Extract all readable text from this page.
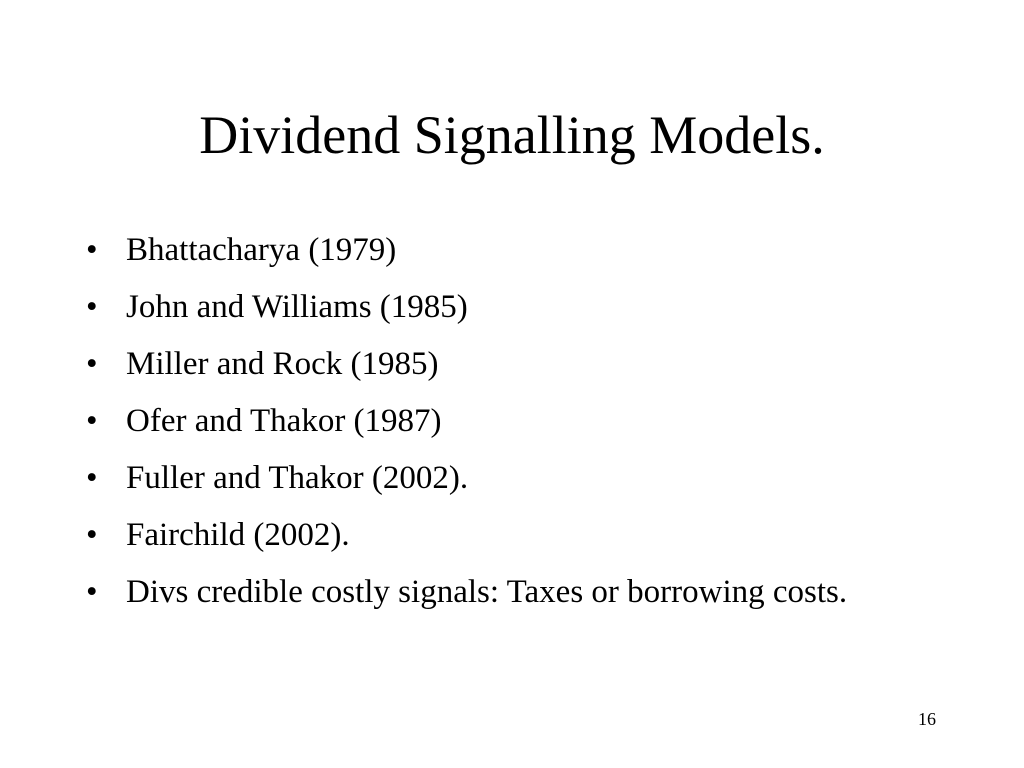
Dividend Signalling Models.
• Bhattacharya (1979)
• John and Williams (1985)
• Miller and Rock (1985)
• Ofer and Thakor (1987)
• Fuller and Thakor (2002).
• Fairchild (2002).
• Divs credible costly signals: Taxes or borrowing costs.
16
